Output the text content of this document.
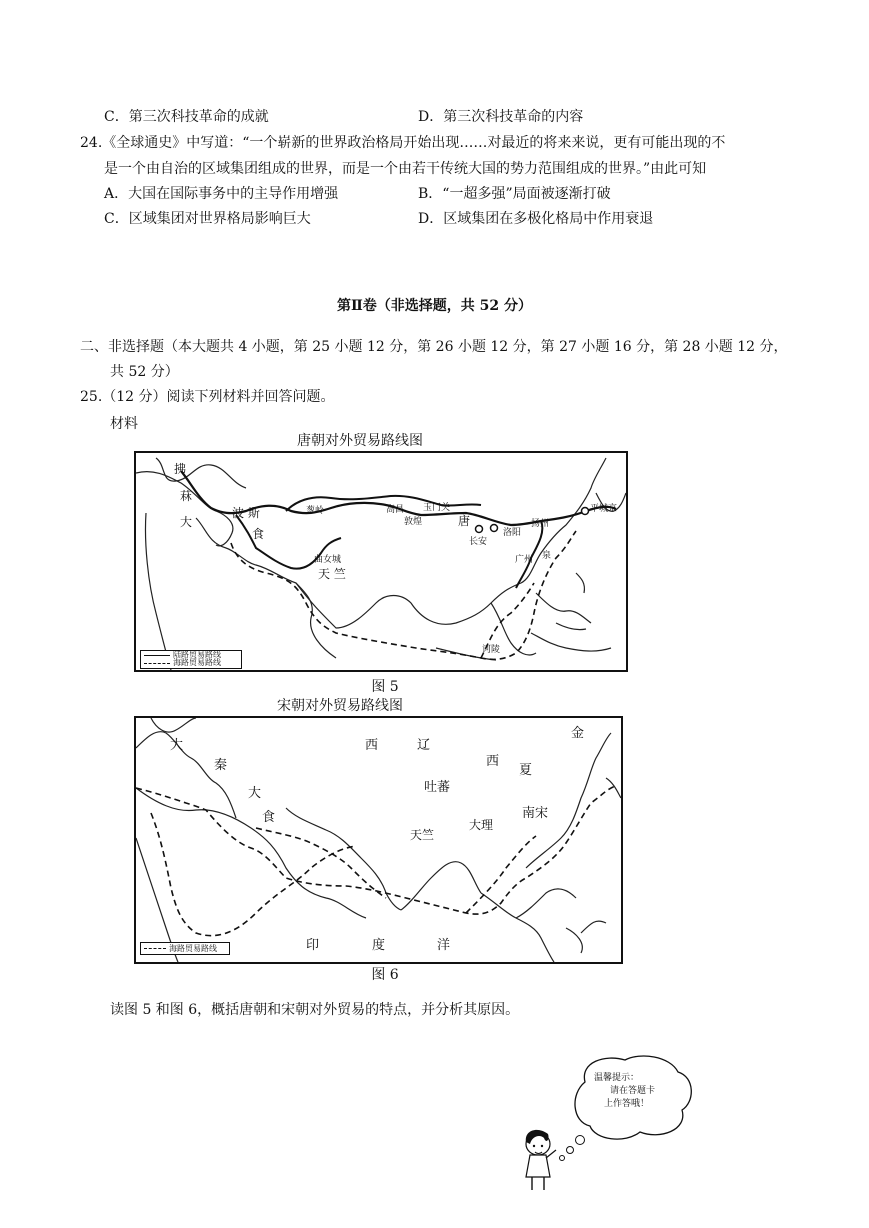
C．第三次科技革命的成就	D．第三次科技革命的内容
24.《全球通史》中写道：“一个崭新的世界政治格局开始出现……对最近的将来来说，更有可能出现的不
是一个由自治的区域集团组成的世界，而是一个由若干传统大国的势力范围组成的世界。”由此可知
A．大国在国际事务中的主导作用增强	B．“一超多强”局面被逐渐打破
C．区域集团对世界格局影响巨大	D．区域集团在多极化格局中作用衰退
第Ⅱ卷（非选择题，共 52 分）
二、非选择题（本大题共 4 小题，第 25 小题 12 分，第 26 小题 12 分，第 27 小题 16 分，第 28 小题 12 分，
共 52 分）
25.（12 分）阅读下列材料并回答问题。
材料
唐朝对外贸易路线图
拂
菻
大
食
波 斯	葱岭	高昌 玉门关
敦煌	唐
长安
洛阳
扬州
广州 泉
平城京
曲女城
天 竺
诃陵
陆路贸易路线
海路贸易路线
图 5
宋朝对外贸易路线图
大
秦
大
食
西	辽
西
夏
金
吐蕃
南宋
天竺
大理
印	度	洋
海路贸易路线
图 6
读图 5 和图 6，概括唐朝和宋朝对外贸易的特点，并分析其原因。
温馨提示：
请在答题卡
上作答哦！
